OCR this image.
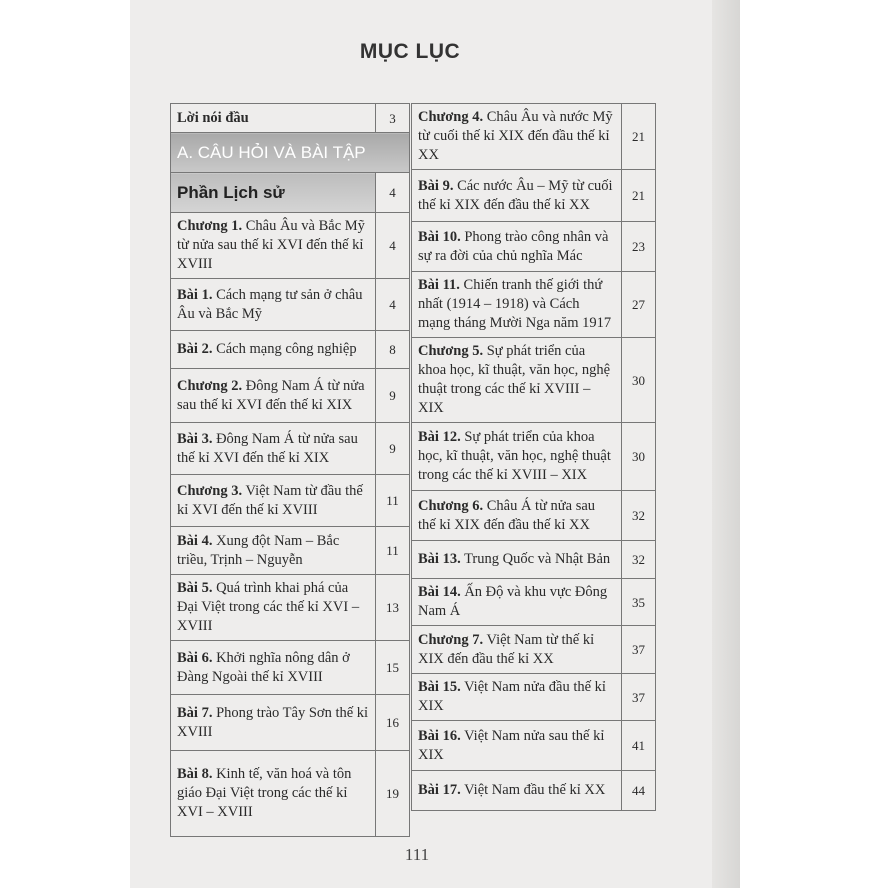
MỤC LỤC
Lời nói đầu	3
A. CÂU HỎI VÀ BÀI TẬP	
Phần Lịch sử	4
Chương 1. Châu Âu và Bắc Mỹ từ nửa sau thế kỉ XVI đến thế kỉ XVIII	4
Bài 1. Cách mạng tư sản ở châu Âu và Bắc Mỹ	4
Bài 2. Cách mạng công nghiệp	8
Chương 2. Đông Nam Á từ nửa sau thế kỉ XVI đến thế kỉ XIX	9
Bài 3. Đông Nam Á từ nửa sau thế kỉ XVI đến thế kỉ XIX	9
Chương 3. Việt Nam từ đầu thế kỉ XVI đến thế kỉ XVIII	11
Bài 4. Xung đột Nam – Bắc triều, Trịnh – Nguyễn	11
Bài 5. Quá trình khai phá của Đại Việt trong các thế kỉ XVI – XVIII	13
Bài 6. Khởi nghĩa nông dân ở Đàng Ngoài thế kỉ XVIII	15
Bài 7. Phong trào Tây Sơn thế kỉ XVIII	16
Bài 8. Kinh tế, văn hoá và tôn giáo Đại Việt trong các thế kỉ XVI – XVIII	19
Chương 4. Châu Âu và nước Mỹ từ cuối thế kỉ XIX đến đầu thế kỉ XX	21
Bài 9. Các nước Âu – Mỹ từ cuối thế kỉ XIX đến đầu thế kỉ XX	21
Bài 10. Phong trào công nhân và sự ra đời của chủ nghĩa Mác	23
Bài 11. Chiến tranh thế giới thứ nhất (1914 – 1918) và Cách mạng tháng Mười Nga năm 1917	27
Chương 5. Sự phát triển của khoa học, kĩ thuật, văn học, nghệ thuật trong các thế kỉ XVIII – XIX	30
Bài 12. Sự phát triển của khoa học, kĩ thuật, văn học, nghệ thuật trong các thế kỉ XVIII – XIX	30
Chương 6. Châu Á từ nửa sau thế kỉ XIX đến đầu thế kỉ XX	32
Bài 13. Trung Quốc và Nhật Bản	32
Bài 14. Ấn Độ và khu vực Đông Nam Á	35
Chương 7. Việt Nam từ thế kỉ XIX đến đầu thế kỉ XX	37
Bài 15. Việt Nam nửa đầu thế kỉ XIX	37
Bài 16. Việt Nam nửa sau thế kỉ XIX	41
Bài 17. Việt Nam đầu thế kỉ XX	44
111
